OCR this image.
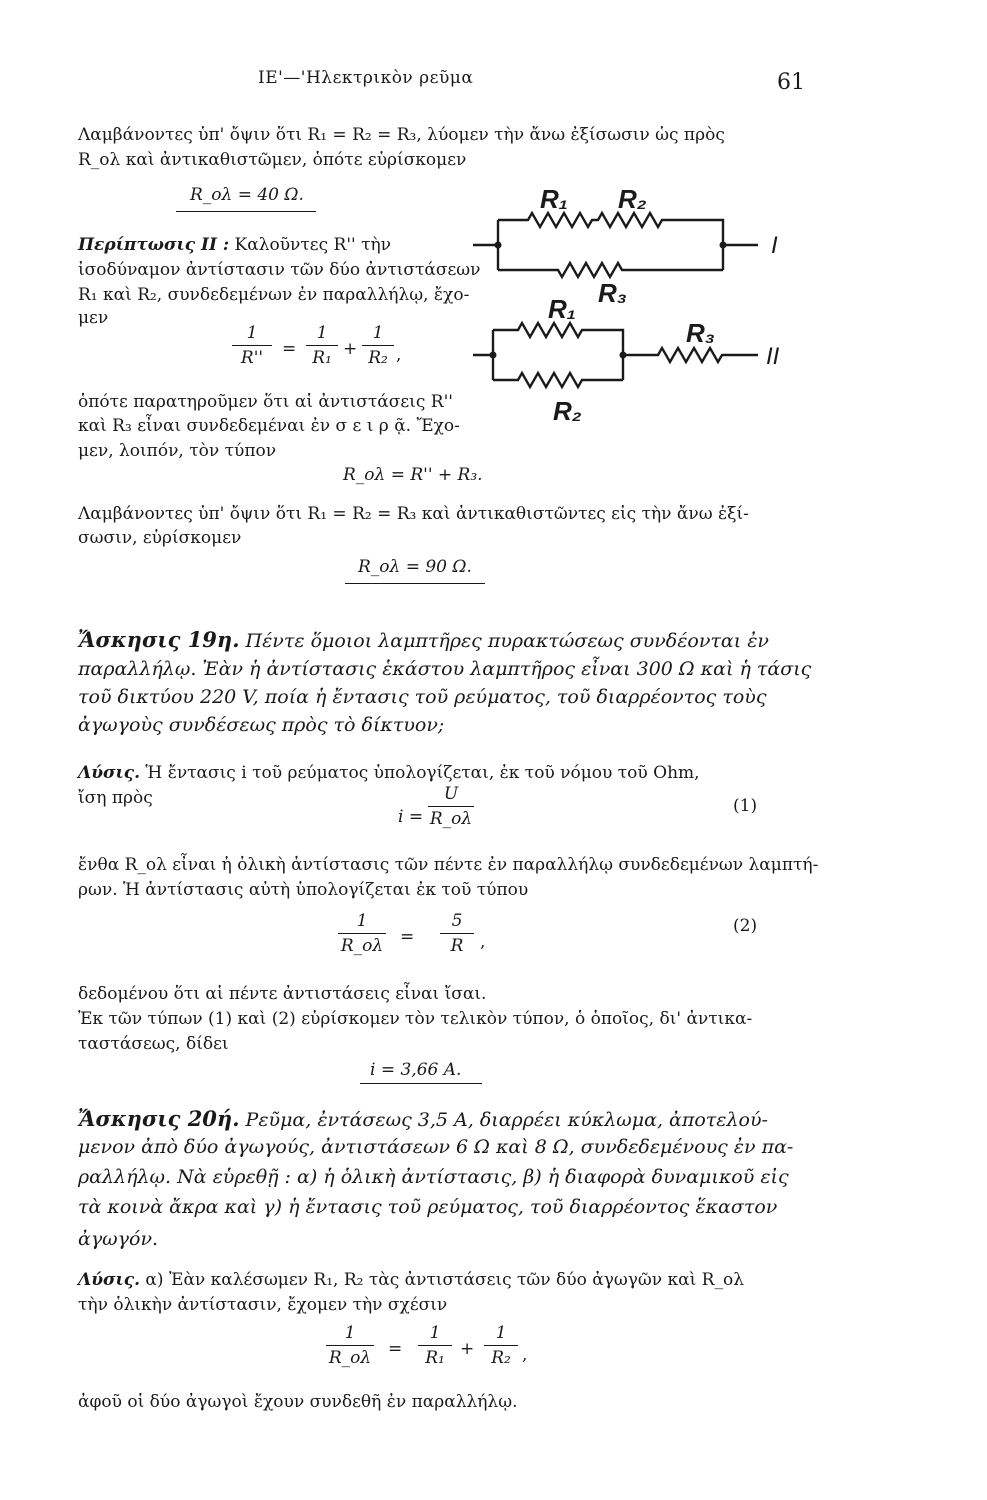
ΙΕ'—'Ηλεκτρικὸν ρεῦμα	61
Λαμβάνοντες ὑπ' ὄψιν ὅτι R₁ = R₂ = R₃, λύομεν τὴν ἄνω ἐξίσωσιν ὡς πρὸς
R_ολ καὶ ἀντικαθιστῶμεν, ὁπότε εὑρίσκομεν
R_ολ = 40 Ω.
Περίπτωσις ΙΙ : Καλοῦντες R'' τὴν
ἰσοδύναμον ἀντίστασιν τῶν δύο ἀντιστάσεων
R₁ καὶ R₂, συνδεδεμένων ἐν παραλλήλῳ, ἔχο-
μεν
1
R''	=
1
R₁ +
1
R₂ ,
ὁπότε παρατηροῦμεν ὅτι αἱ ἀντιστάσεις R''
καὶ R₃ εἶναι συνδεδεμέναι ἐν σ ε ι ρ ᾷ. Ἔχο-
μεν, λοιπόν, τὸν τύπον
R_ολ = R'' + R₃.
R₁ R₂
R₃
R₁
R₂
R₃
I
II
Λαμβάνοντες ὑπ' ὄψιν ὅτι R₁ = R₂ = R₃ καὶ ἀντικαθιστῶντες εἰς τὴν ἄνω ἐξί-
σωσιν, εὑρίσκομεν
R_ολ = 90 Ω.
Ἄσκησις 19η. Πέντε ὅμοιοι λαμπτῆρες πυρακτώσεως συνδέονται ἐν
παραλλήλῳ. Ἐὰν ἡ ἀντίστασις ἑκάστου λαμπτῆρος εἶναι 300 Ω καὶ ἡ τάσις
τοῦ δικτύου 220 V, ποία ἡ ἔντασις τοῦ ρεύματος, τοῦ διαρρέοντος τοὺς
ἀγωγοὺς συνδέσεως πρὸς τὸ δίκτυον;
Λύσις. Ἡ ἔντασις i τοῦ ρεύματος ὑπολογίζεται, ἐκ τοῦ νόμου τοῦ Ohm,
ἴση πρὸς
i =
U
R_ολ
(1)
ἔνθα R_ολ εἶναι ἡ ὁλικὴ ἀντίστασις τῶν πέντε ἐν παραλλήλῳ συνδεδεμένων λαμπτή-
ρων. Ἡ ἀντίστασις αὐτὴ ὑπολογίζεται ἐκ τοῦ τύπου
1
R_ολ =
5
R ,
(2)
δεδομένου ὅτι αἱ πέντε ἀντιστάσεις εἶναι ἴσαι.
Ἐκ τῶν τύπων (1) καὶ (2) εὑρίσκομεν τὸν τελικὸν τύπον, ὁ ὁποῖος, δι' ἀντικα-
ταστάσεως, δίδει
i = 3,66 A.
Ἄσκησις 20ή. Ρεῦμα, ἐντάσεως 3,5 A, διαρρέει κύκλωμα, ἀποτελού-
μενον ἀπὸ δύο ἀγωγούς, ἀντιστάσεων 6 Ω καὶ 8 Ω, συνδεδεμένους ἐν πα-
ραλλήλῳ. Νὰ εὑρεθῇ : α) ἡ ὁλικὴ ἀντίστασις, β) ἡ διαφορὰ δυναμικοῦ εἰς
τὰ κοινὰ ἄκρα καὶ γ) ἡ ἔντασις τοῦ ρεύματος, τοῦ διαρρέοντος ἕκαστον
ἀγωγόν.
Λύσις. α) Ἐὰν καλέσωμεν R₁, R₂ τὰς ἀντιστάσεις τῶν δύο ἀγωγῶν καὶ R_ολ
τὴν ὁλικὴν ἀντίστασιν, ἔχομεν τὴν σχέσιν
1
R_ολ =
1
R₁ +
1
R₂ ,
ἀφοῦ οἱ δύο ἀγωγοὶ ἔχουν συνδεθῆ ἐν παραλλήλῳ.
